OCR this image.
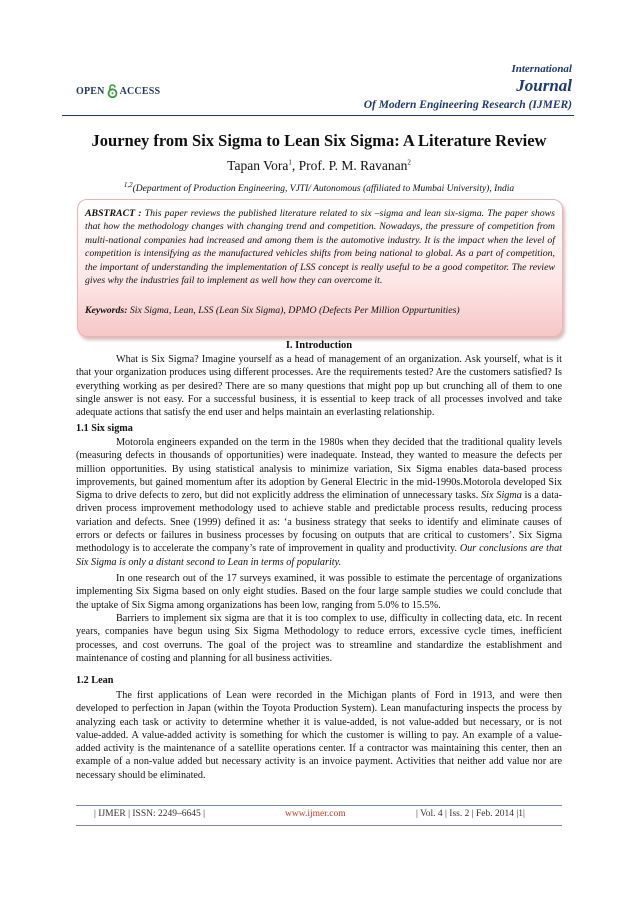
OPEN ACCESS
International
Journal
Of Modern Engineering Research (IJMER)
Journey from Six Sigma to Lean Six Sigma: A Literature Review
Tapan Vora$^1$, Prof. P. M. Ravanan$^2$
$^{1,2}$(Department of Production Engineering, VJTI/ Autonomous (affiliated to Mumbai University), India
ABSTRACT : This paper reviews the published literature related to six –sigma and lean six-sigma. The paper shows that how the methodology changes with changing trend and competition. Nowadays, the pressure of competition from multi-national companies had increased and among them is the automotive industry. It is the impact when the level of competition is intensifying as the manufactured vehicles shifts from being national to global. As a part of competition, the important of understanding the implementation of LSS concept is really useful to be a good competitor. The review gives why the industries fail to implement as well how they can overcome it.
Keywords: Six Sigma, Lean, LSS (Lean Six Sigma), DPMO (Defects Per Million Oppurtunities)
I. Introduction
What is Six Sigma? Imagine yourself as a head of management of an organization. Ask yourself, what is it that your organization produces using different processes. Are the requirements tested? Are the customers satisfied? Is everything working as per desired? There are so many questions that might pop up but crunching all of them to one single answer is not easy. For a successful business, it is essential to keep track of all processes involved and take adequate actions that satisfy the end user and helps maintain an everlasting relationship.
1.1 Six sigma
Motorola engineers expanded on the term in the 1980s when they decided that the traditional quality levels (measuring defects in thousands of opportunities) were inadequate. Instead, they wanted to measure the defects per million opportunities. By using statistical analysis to minimize variation, Six Sigma enables data-based process improvements, but gained momentum after its adoption by General Electric in the mid-1990s.Motorola developed Six Sigma to drive defects to zero, but did not explicitly address the elimination of unnecessary tasks. Six Sigma is a data-driven process improvement methodology used to achieve stable and predictable process results, reducing process variation and defects. Snee (1999) defined it as: ‘a business strategy that seeks to identify and eliminate causes of errors or defects or failures in business processes by focusing on outputs that are critical to customers’. Six Sigma methodology is to accelerate the company’s rate of improvement in quality and productivity. Our conclusions are that Six Sigma is only a distant second to Lean in terms of popularity.
In one research out of the 17 surveys examined, it was possible to estimate the percentage of organizations implementing Six Sigma based on only eight studies. Based on the four large sample studies we could conclude that the uptake of Six Sigma among organizations has been low, ranging from 5.0% to 15.5%.
Barriers to implement six sigma are that it is too complex to use, difficulty in collecting data, etc. In recent years, companies have begun using Six Sigma Methodology to reduce errors, excessive cycle times, inefficient processes, and cost overruns. The goal of the project was to streamline and standardize the establishment and maintenance of costing and planning for all business activities.
1.2 Lean
The first applications of Lean were recorded in the Michigan plants of Ford in 1913, and were then developed to perfection in Japan (within the Toyota Production System). Lean manufacturing inspects the process by analyzing each task or activity to determine whether it is value-added, is not value-added but necessary, or is not value-added. A value-added activity is something for which the customer is willing to pay. An example of a value-added activity is the maintenance of a satellite operations center. If a contractor was maintaining this center, then an example of a non-value added but necessary activity is an invoice payment. Activities that neither add value nor are necessary should be eliminated.
| IJMER | ISSN: 2249–6645 |	www.ijmer.com	| Vol. 4 | Iss. 2 | Feb. 2014 |1|
